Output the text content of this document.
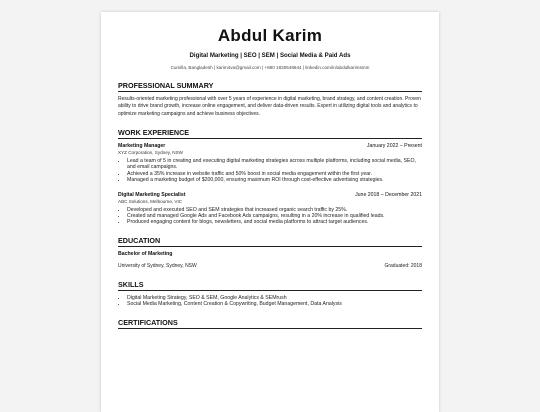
Abdul Karim
Digital Marketing | SEO | SEM | Social Media & Paid Ads
Cumilla, Bangladesh | karim4va@gmail.com | +880 1830548844 | linkedin.com/in/abdulkarimsmm
PROFESSIONAL SUMMARY
Results-oriented marketing professional with over 5 years of experience in digital marketing, brand strategy, and content creation. Proven ability to drive brand growth, increase online engagement, and deliver data-driven results. Expert in utilizing digital tools and analytics to optimize marketing campaigns and achieve business objectives.
WORK EXPERIENCE
Marketing Manager	January 2022 – Present
XYZ Corporation, Sydney, NSW
• Lead a team of 5 in creating and executing digital marketing strategies across multiple platforms, including social media, SEO, and email campaigns.
• Achieved a 35% increase in website traffic and 50% boost in social media engagement within the first year.
• Managed a marketing budget of $200,000, ensuring maximum ROI through cost-effective advertising strategies.
Digital Marketing Specialist	June 2018 – December 2021
ABC Solutions, Melbourne, VIC
• Developed and executed SEO and SEM strategies that increased organic search traffic by 25%.
• Created and managed Google Ads and Facebook Ads campaigns, resulting in a 20% increase in qualified leads.
• Produced engaging content for blogs, newsletters, and social media platforms to attract target audiences.
EDUCATION
Bachelor of Marketing
University of Sydney, Sydney, NSW	Graduated: 2018
SKILLS
• Digital Marketing Strategy, SEO & SEM, Google Analytics & SEMrush
• Social Media Marketing, Content Creation & Copywriting, Budget Management, Data Analysis
CERTIFICATIONS
